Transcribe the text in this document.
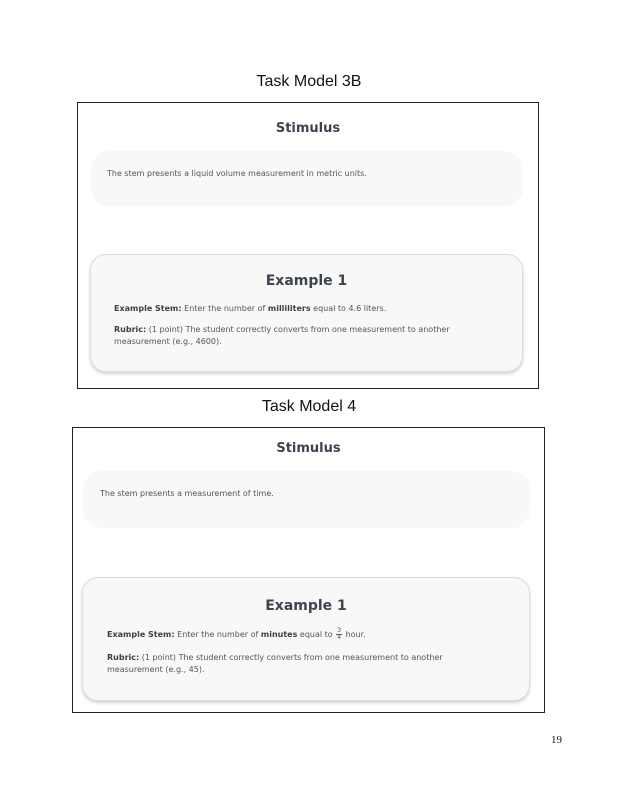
Task Model 3B
Stimulus

The stem presents a liquid volume measurement in metric units.

Example 1

Example Stem: Enter the number of milliliters equal to 4.6 liters.

Rubric: (1 point) The student correctly converts from one measurement to another

measurement (e.g., 4600).

Task Model 4
Stimulus

The stem presents a measurement of time.

Example 1

Example Stem: Enter the number of minutes equal to $\frac{3}{4}$ hour.

Rubric: (1 point) The student correctly converts from one measurement to another

measurement (e.g., 45).

19
